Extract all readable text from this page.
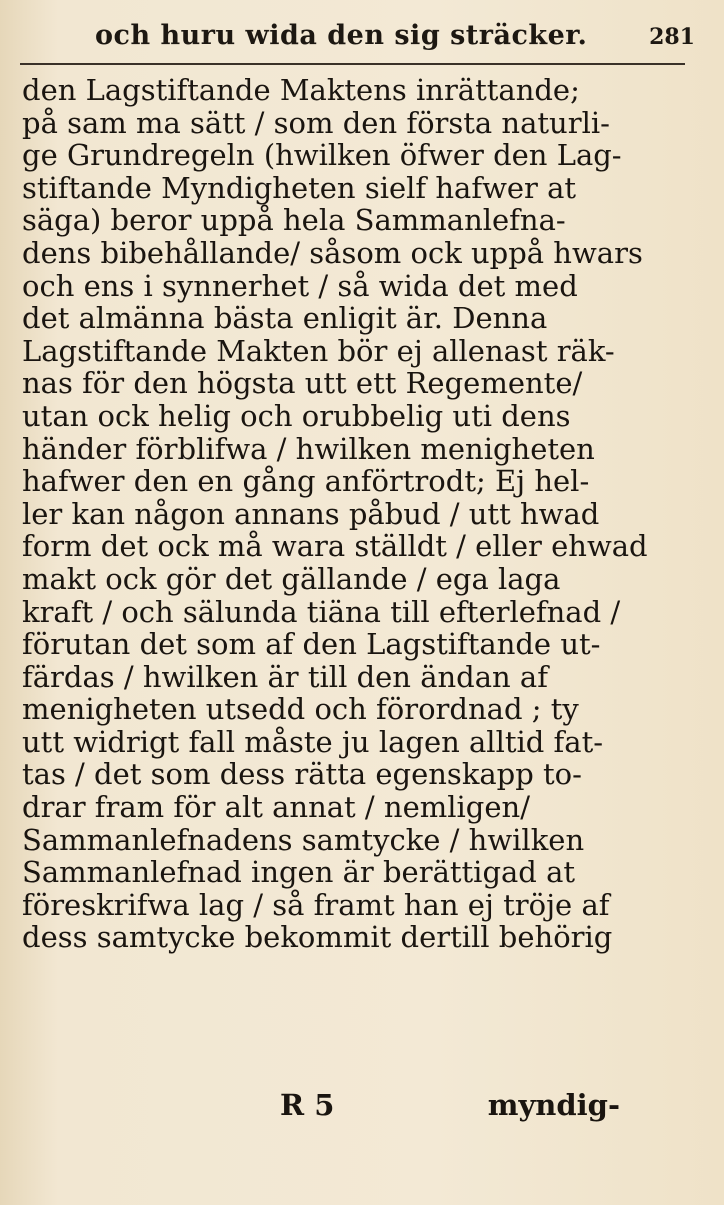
och huru wida den sig sträcker.	281
den Lagstiftande Maktens inrättande;
på sam ma sätt / som den första naturli-
ge Grundregeln (hwilken öfwer den Lag-
stiftande Myndigheten sielf hafwer at
säga) beror uppå hela Sammanlefna-
dens bibehållande/ såsom ock uppå hwars
och ens i synnerhet / så wida det med
det almänna bästa enligit är. Denna
Lagstiftande Makten bör ej allenast räk-
nas för den högsta utt ett Regemente/
utan ock helig och orubbelig uti dens
händer förblifwa / hwilken menigheten
hafwer den en gång anförtrodt; Ej hel-
ler kan någon annans påbud / utt hwad
form det ock må wara ställdt / eller ehwad
makt ock gör det gällande / ega laga
kraft / och sälunda tiäna till efterlefnad /
förutan det som af den Lagstiftande ut-
färdas / hwilken är till den ändan af
menigheten utsedd och förordnad ; ty
utt widrigt fall måste ju lagen alltid fat-
tas / det som dess rätta egenskapp to-
drar fram för alt annat / nemligen/
Sammanlefnadens samtycke / hwilken
Sammanlefnad ingen är berättigad at
föreskrifwa lag / så framt han ej tröje af
dess samtycke bekommit dertill behörig
R 5	myndig-
